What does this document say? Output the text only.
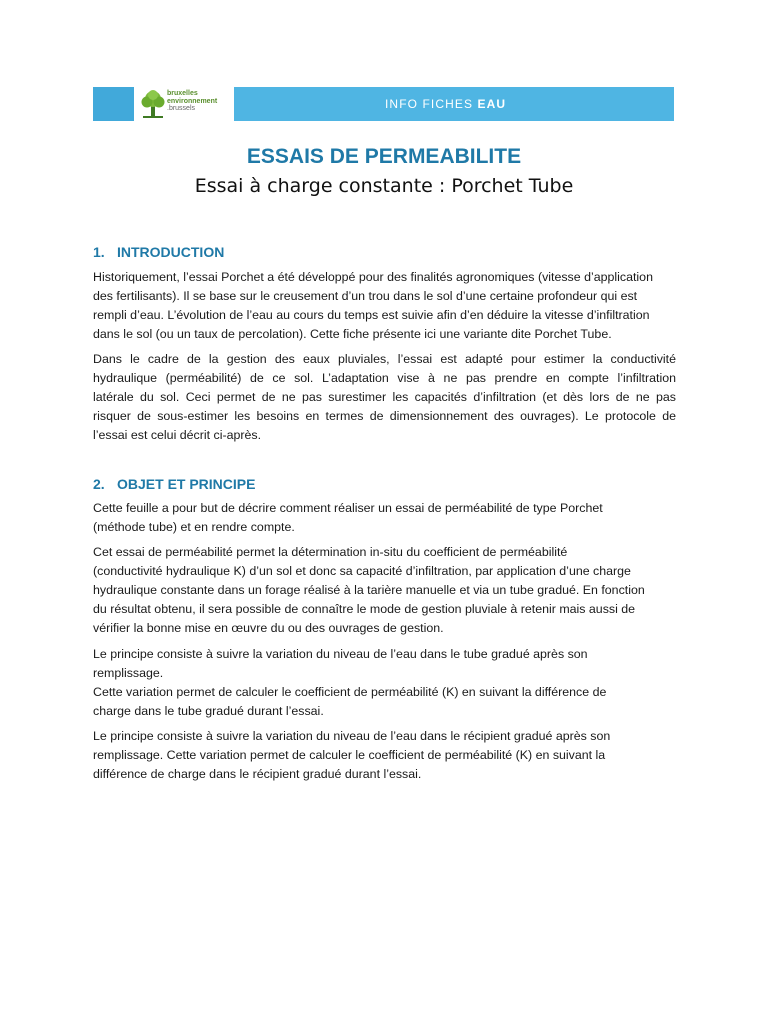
bruxelles
environnement
.brussels	INFO FICHES EAU
ESSAIS DE PERMEABILITE
Essai à charge constante : Porchet Tube
1. INTRODUCTION
Historiquement, l’essai Porchet a été développé pour des finalités agronomiques (vitesse d’application
des fertilisants). Il se base sur le creusement d’un trou dans le sol d’une certaine profondeur qui est
rempli d’eau. L’évolution de l’eau au cours du temps est suivie afin d’en déduire la vitesse d’infiltration
dans le sol (ou un taux de percolation). Cette fiche présente ici une variante dite Porchet Tube.
Dans le cadre de la gestion des eaux pluviales, l’essai est adapté pour estimer la conductivité
hydraulique (perméabilité) de ce sol. L’adaptation vise à ne pas prendre en compte l’infiltration
latérale du sol. Ceci permet de ne pas surestimer les capacités d’infiltration (et dès lors de ne pas
risquer de sous-estimer les besoins en termes de dimensionnement des ouvrages). Le protocole de
l’essai est celui décrit ci-après.
2. OBJET ET PRINCIPE
Cette feuille a pour but de décrire comment réaliser un essai de perméabilité de type Porchet
(méthode tube) et en rendre compte.
Cet essai de perméabilité permet la détermination in-situ du coefficient de perméabilité
(conductivité hydraulique K) d’un sol et donc sa capacité d’infiltration, par application d’une charge
hydraulique constante dans un forage réalisé à la tarière manuelle et via un tube gradué. En fonction
du résultat obtenu, il sera possible de connaître le mode de gestion pluviale à retenir mais aussi de
vérifier la bonne mise en œuvre du ou des ouvrages de gestion.
Le principe consiste à suivre la variation du niveau de l’eau dans le tube gradué après son
remplissage.
Cette variation permet de calculer le coefficient de perméabilité (K) en suivant la différence de
charge dans le tube gradué durant l’essai.
Le principe consiste à suivre la variation du niveau de l’eau dans le récipient gradué après son
remplissage. Cette variation permet de calculer le coefficient de perméabilité (K) en suivant la
différence de charge dans le récipient gradué durant l’essai.
